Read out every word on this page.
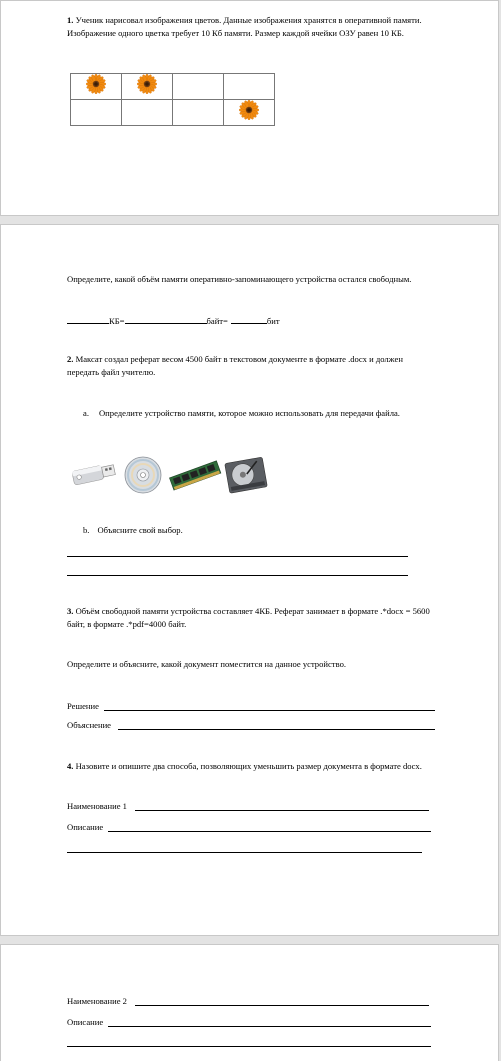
1. Ученик нарисовал изображения цветов. Данные изображения хранятся в оперативной памяти.
Изображение одного цветка требует 10 Кб памяти. Размер каждой ячейки ОЗУ равен 10 КБ.

Определите, какой объём памяти оперативно-запоминающего устройства остался свободным.
КБ=	байт=	бит
2. Максат создал реферат весом 4500 байт в текстовом документе в формате .docx и должен
передать файл учителю.
a. Определите устройство памяти, которое можно использовать для передачи файла.
b. Объясните свой выбор.
3. Объём свободной памяти устройства составляет 4КБ. Реферат занимает в формате .*docx = 5600
байт, в формате .*pdf=4000 байт.
Определите и объясните, какой документ поместится на данное устройство.
Решение
Объяснение
4. Назовите и опишите два способа, позволяющих уменьшить размер документа в формате docx.
Наименование 1
Описание
Наименование 2
Описание
